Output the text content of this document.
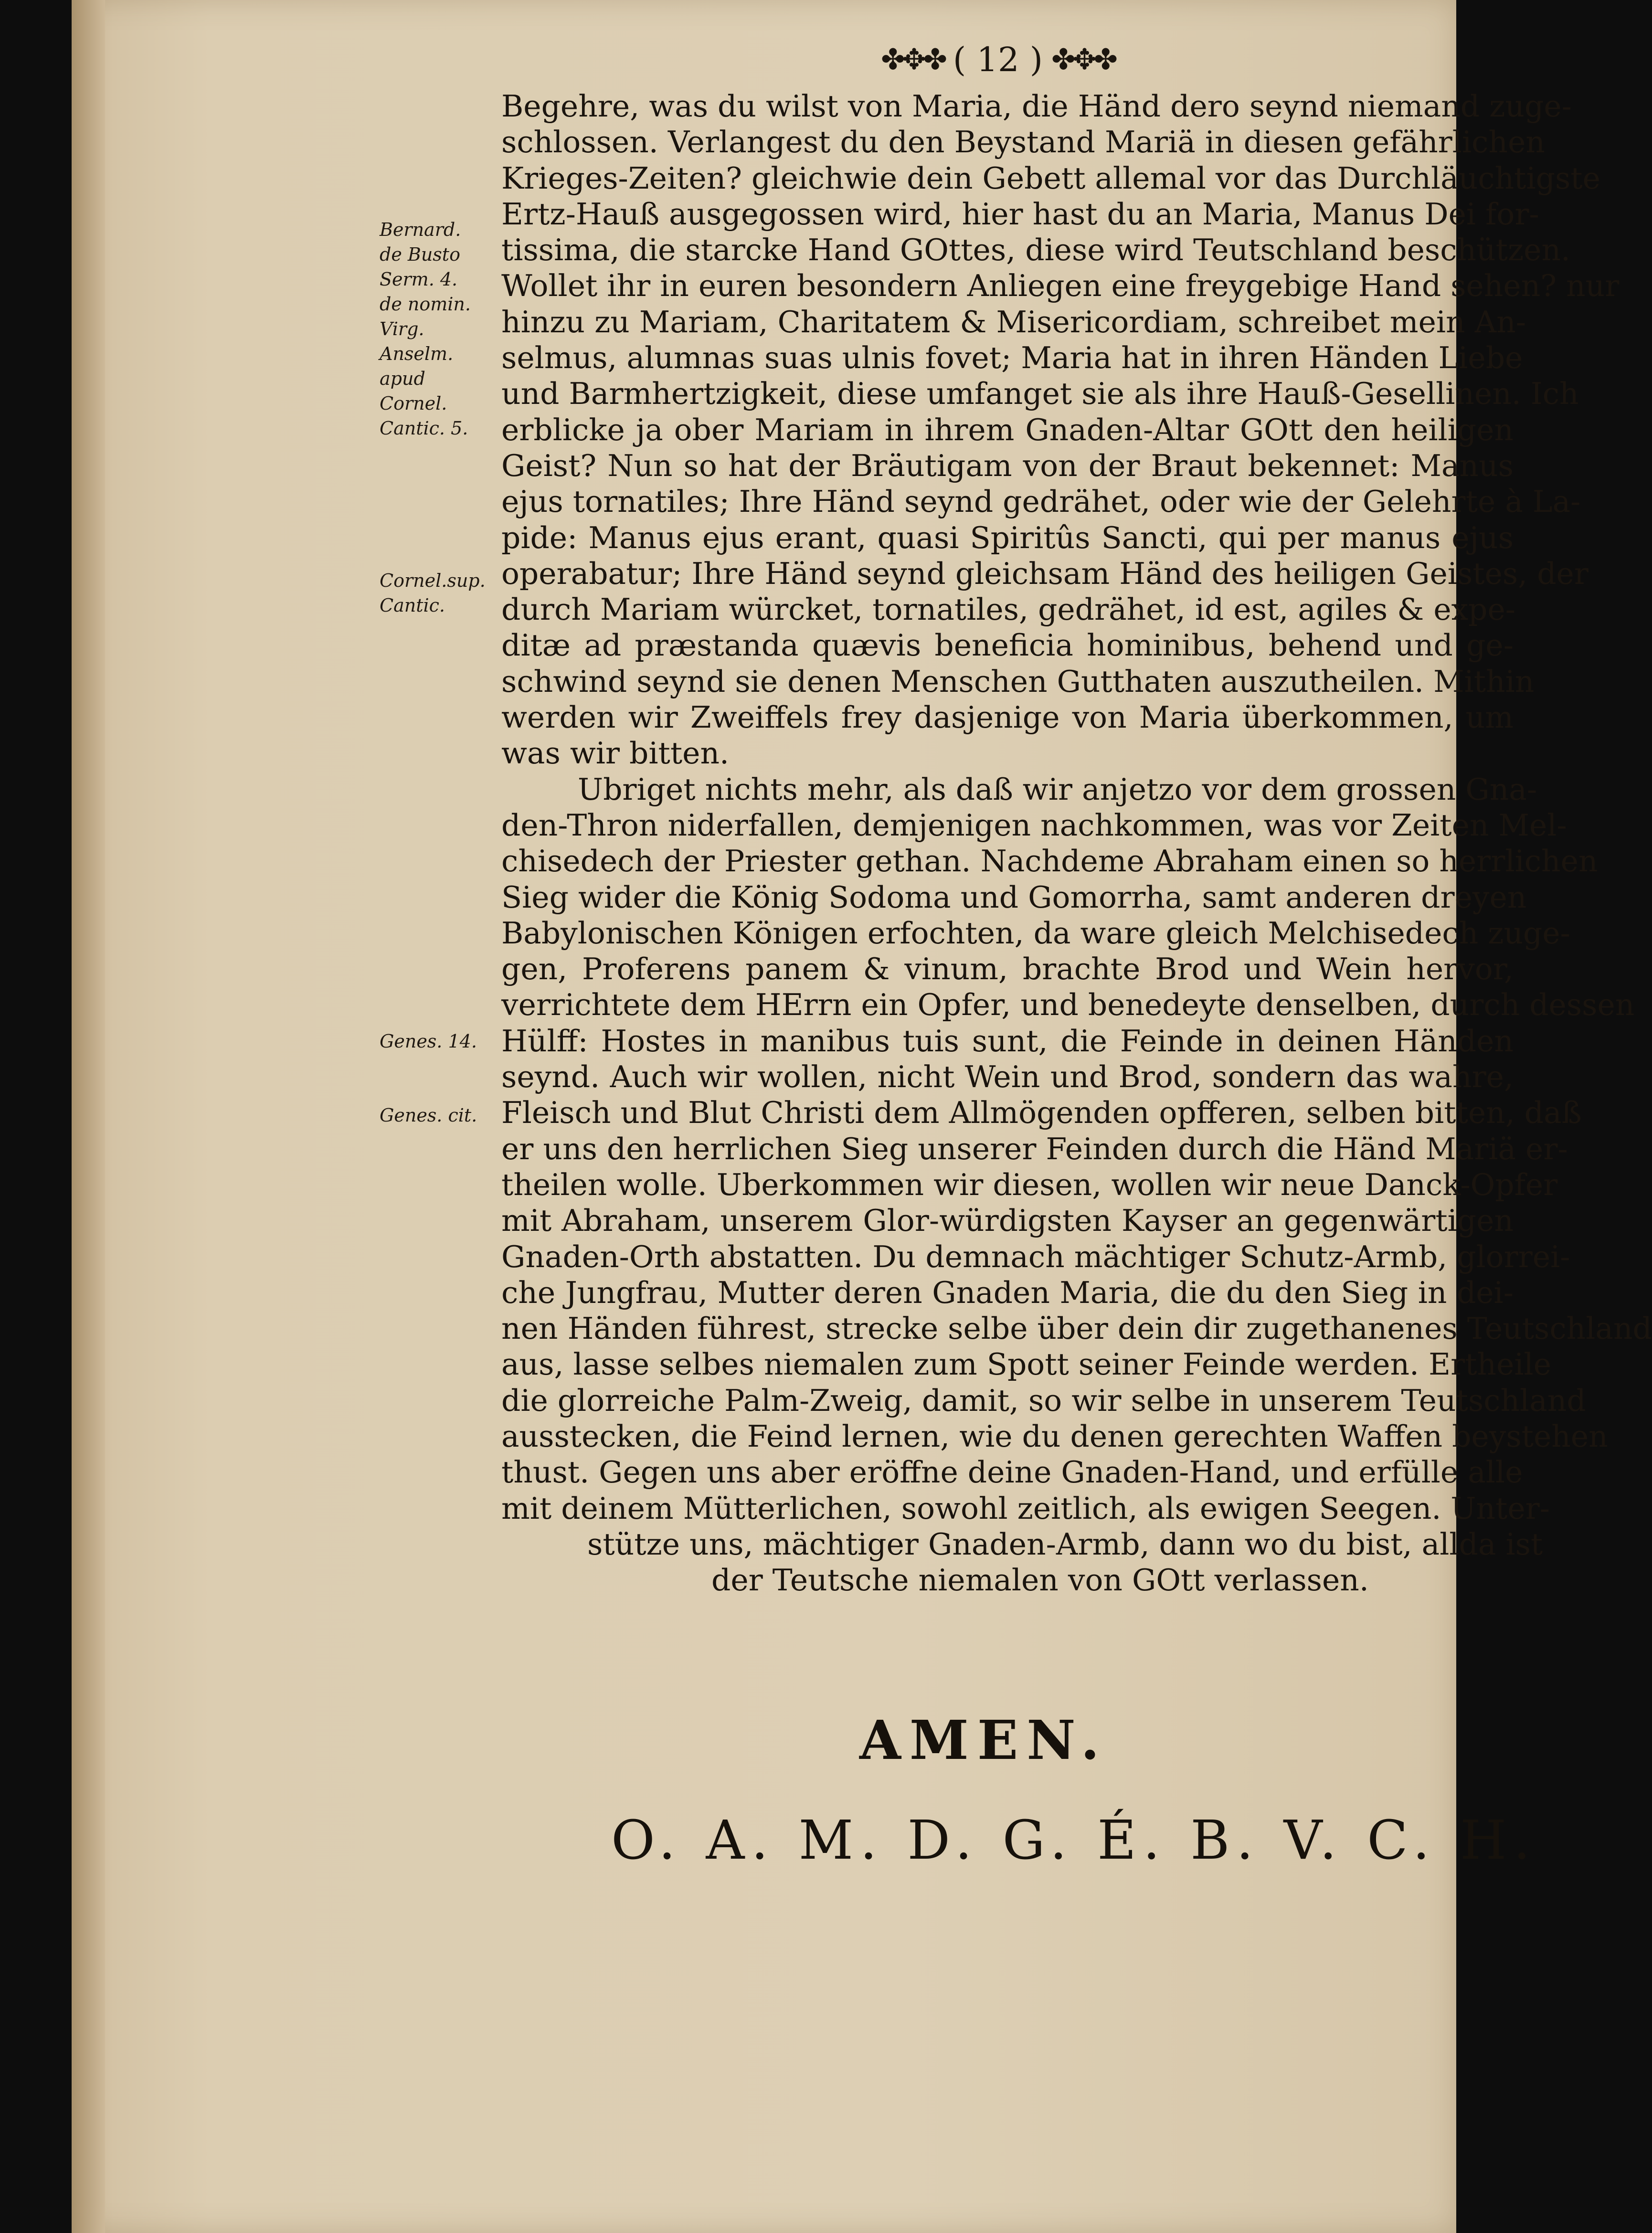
✤✥✤ ( 12 ) ✤✥✤
Bernard.
de Busto
Serm. 4.
de nomin.
Virg.
Anselm.
apud
Cornel.
Cantic. 5.
Cornel.sup.
Cantic.
Genes. 14.
Genes. cit.
Begehre, was du wilst von Maria, die Händ dero seynd niemand zuge-
schlossen. Verlangest du den Beystand Mariä in diesen gefährlichen
Krieges-Zeiten? gleichwie dein Gebett allemal vor das Durchläuchtigste
Ertz-Hauß ausgegossen wird, hier hast du an Maria, Manus Dei for-
tissima, die starcke Hand GOttes, diese wird Teutschland beschützen.
Wollet ihr in euren besondern Anliegen eine freygebige Hand sehen? nur
hinzu zu Mariam, Charitatem & Misericordiam, schreibet mein An-
selmus, alumnas suas ulnis fovet; Maria hat in ihren Händen Liebe
und Barmhertzigkeit, diese umfanget sie als ihre Hauß-Gesellinen. Ich
erblicke ja ober Mariam in ihrem Gnaden-Altar GOtt den heiligen
Geist? Nun so hat der Bräutigam von der Braut bekennet: Manus
ejus tornatiles; Ihre Händ seynd gedrähet, oder wie der Gelehrte à La-
pide: Manus ejus erant, quasi Spiritûs Sancti, qui per manus ejus
operabatur; Ihre Händ seynd gleichsam Händ des heiligen Geistes, der
durch Mariam würcket, tornatiles, gedrähet, id est, agiles & expe-
ditæ ad præstanda quævis beneficia hominibus, behend und ge-
schwind seynd sie denen Menschen Gutthaten auszutheilen. Mithin
werden wir Zweiffels frey dasjenige von Maria überkommen, um
was wir bitten.
Ubriget nichts mehr, als daß wir anjetzo vor dem grossen Gna-
den-Thron niderfallen, demjenigen nachkommen, was vor Zeiten Mel-
chisedech der Priester gethan. Nachdeme Abraham einen so herrlichen
Sieg wider die König Sodoma und Gomorrha, samt anderen dreyen
Babylonischen Königen erfochten, da ware gleich Melchisedech zuge-
gen, Proferens panem & vinum, brachte Brod und Wein hervor,
verrichtete dem HErrn ein Opfer, und benedeyte denselben, durch dessen
Hülff: Hostes in manibus tuis sunt, die Feinde in deinen Händen
seynd. Auch wir wollen, nicht Wein und Brod, sondern das wahre,
Fleisch und Blut Christi dem Allmögenden opfferen, selben bitten, daß
er uns den herrlichen Sieg unserer Feinden durch die Händ Mariä er-
theilen wolle. Uberkommen wir diesen, wollen wir neue Danck-Opfer
mit Abraham, unserem Glor-würdigsten Kayser an gegenwärtigen
Gnaden-Orth abstatten. Du demnach mächtiger Schutz-Armb, glorrei-
che Jungfrau, Mutter deren Gnaden Maria, die du den Sieg in dei-
nen Händen führest, strecke selbe über dein dir zugethanenes Teutschland
aus, lasse selbes niemalen zum Spott seiner Feinde werden. Ertheile
die glorreiche Palm-Zweig, damit, so wir selbe in unserem Teutschland
ausstecken, die Feind lernen, wie du denen gerechten Waffen beystehen
thust. Gegen uns aber eröffne deine Gnaden-Hand, und erfülle alle
mit deinem Mütterlichen, sowohl zeitlich, als ewigen Seegen. Unter-
stütze uns, mächtiger Gnaden-Armb, dann wo du bist, allda ist
der Teutsche niemalen von GOtt verlassen.
AMEN.
O. A. M. D. G. É. B. V. C. H.
